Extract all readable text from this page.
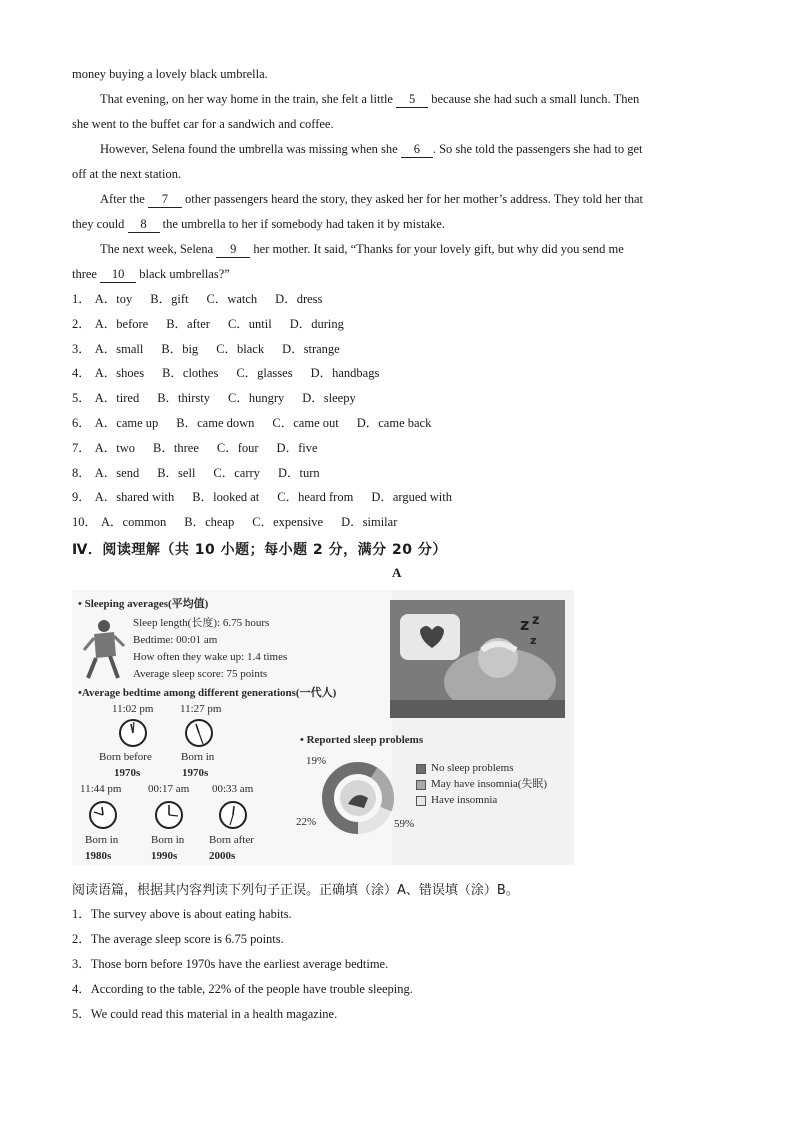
money buying a lovely black umbrella.
That evening, on her way home in the train, she felt a little 5 because she had such a small lunch. Then
she went to the buffet car for a sandwich and coffee.
However, Selena found the umbrella was missing when she 6 . So she told the passengers she had to get
off at the next station.
After the 7 other passengers heard the story, they asked her for her mother’s address. They told her that
they could 8 the umbrella to her if somebody had taken it by mistake.
The next week, Selena 9 her mother. It said, “Thanks for your lovely gift, but why did you send me
three 10 black umbrellas?”
1． A．toy B．gift C．watch D．dress
2． A．before B．after C．until D．during
3． A．small B．big C．black D．strange
4． A．shoes B．clothes C．glasses D．handbags
5． A．tired B．thirsty C．hungry D．sleepy
6． A．came up B．came down C．came out D．came back
7． A．two B．three C．four D．five
8． A．send B．sell C．carry D．turn
9． A．shared with B．looked at C．heard from D．argued with
10． A．common B．cheap C．expensive D．similar
Ⅳ．阅读理解（共 10 小题；每小题 2 分，满分 20 分）
A
• Sleeping averages(平均值)
Sleep length(长度): 6.75 hours
Bedtime: 00:01 am
How often they wake up: 1.4 times
Average sleep score: 75 points
•Average bedtime among different generations(一代人)
11:02 pm
Born before
1970s
11:27 pm
Born in
1970s
11:44 pm
Born in
1980s
00:17 am
Born in
1990s
00:33 am
Born after
2000s
z z
z
• Reported sleep problems
19%
22%	59%
No sleep problems
May have insomnia(失眠)
Have insomnia
阅读语篇，根据其内容判读下列句子正误。正确填（涂）A、错误填（涂）B。
1．The survey above is about eating habits.
2．The average sleep score is 6.75 points.
3．Those born before 1970s have the earliest average bedtime.
4．According to the table, 22% of the people have trouble sleeping.
5．We could read this material in a health magazine.
